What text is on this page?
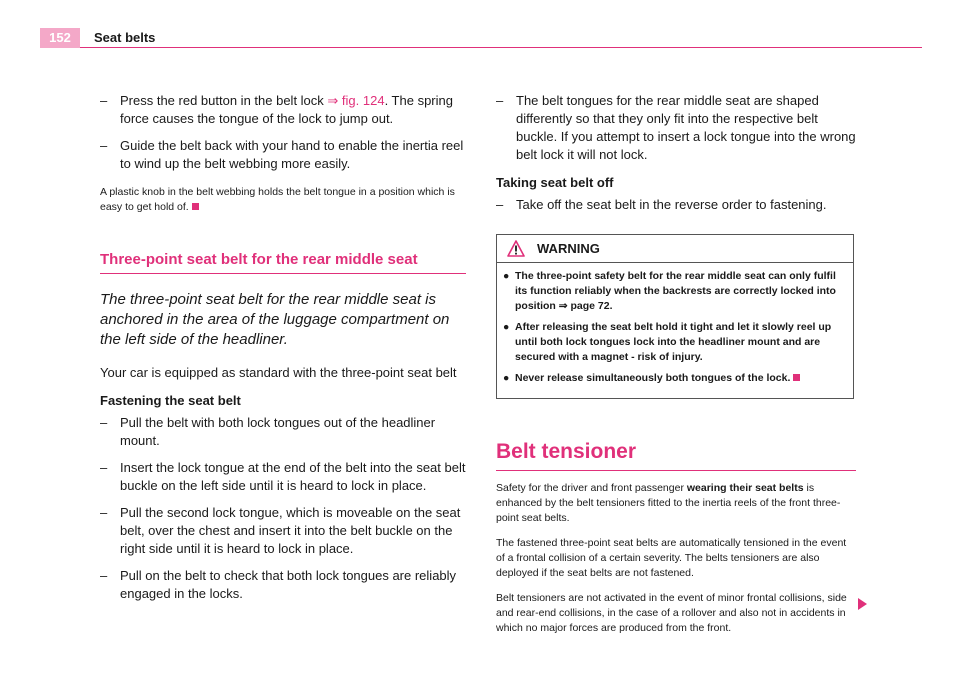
152	Seat belts
– Press the red button in the belt lock ⇒ fig. 124. The spring force causes the tongue of the lock to jump out.
– Guide the belt back with your hand to enable the inertia reel to wind up the belt webbing more easily.

A plastic knob in the belt webbing holds the belt tongue in a position which is easy to get hold of.

Three-point seat belt for the rear middle seat

The three-point seat belt for the rear middle seat is anchored in the area of the luggage compartment on the left side of the headliner.

Your car is equipped as standard with the three-point seat belt

Fastening the seat belt

– Pull the belt with both lock tongues out of the headliner mount.
– Insert the lock tongue at the end of the belt into the seat belt buckle on the left side until it is heard to lock in place.
– Pull the second lock tongue, which is moveable on the seat belt, over the chest and insert it into the belt buckle on the right side until it is heard to lock in place.
– Pull on the belt to check that both lock tongues are reliably engaged in the locks.
– The belt tongues for the rear middle seat are shaped differently so that they only fit into the respective belt buckle. If you attempt to insert a lock tongue into the wrong belt lock it will not lock.

Taking seat belt off

– Take off the seat belt in the reverse order to fastening.
WARNING
● The three-point safety belt for the rear middle seat can only fulfil its function reliably when the backrests are correctly locked into position ⇒ page 72.
● After releasing the seat belt hold it tight and let it slowly reel up until both lock tongues lock into the headliner mount and are secured with a magnet - risk of injury.
● Never release simultaneously both tongues of the lock.
Belt tensioner

Safety for the driver and front passenger wearing their seat belts is enhanced by the belt tensioners fitted to the inertia reels of the front three-point seat belts.

The fastened three-point seat belts are automatically tensioned in the event of a frontal collision of a certain severity. The belts tensioners are also deployed if the seat belts are not fastened.

Belt tensioners are not activated in the event of minor frontal collisions, side and rear-end collisions, in the case of a rollover and also not in accidents in which no major forces are produced from the front.
